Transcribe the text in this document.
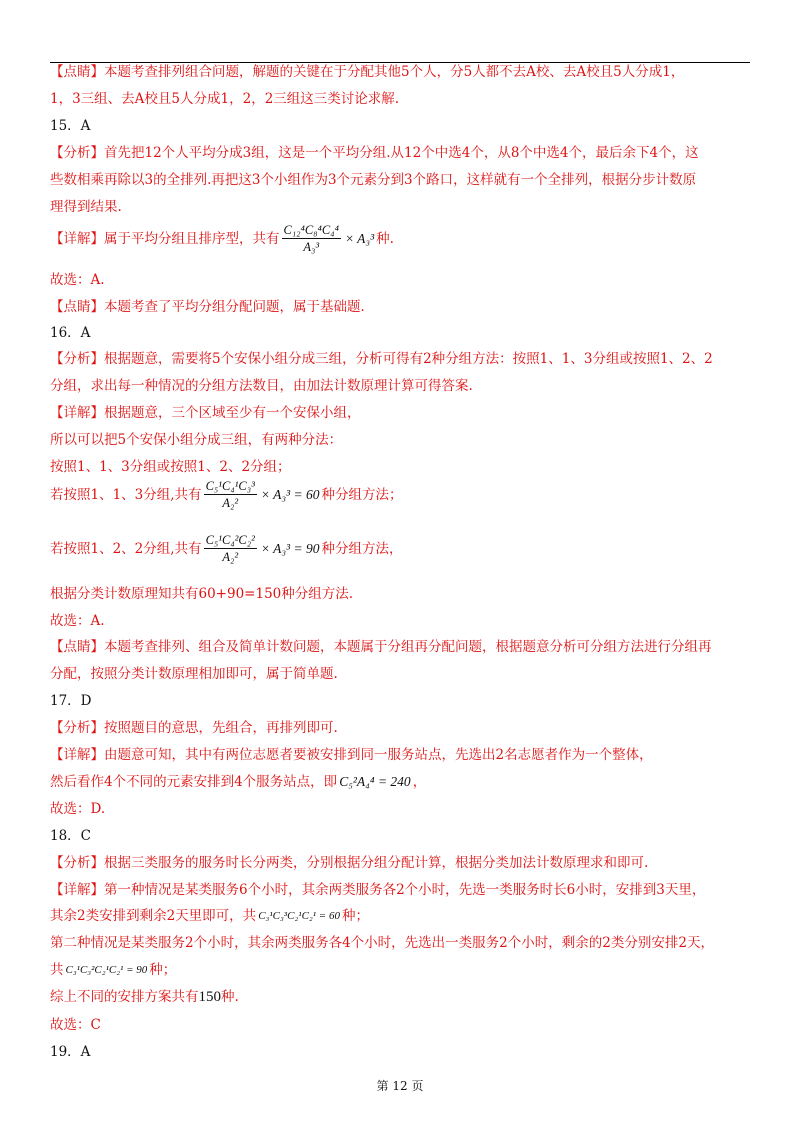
【点睛】本题考查排列组合问题，解题的关键在于分配其他5个人，分5人都不去A校、去A校且5人分成1，
1，3三组、去A校且5人分成1，2，2三组这三类讨论求解.
15．A
【分析】首先把12个人平均分成3组，这是一个平均分组.从12个中选4个，从8个中选4个，最后余下4个，这
些数相乘再除以3的全排列.再把这3个小组作为3个元素分到3个路口，这样就有一个全排列，根据分步计数原
理得到结果.
【详解】属于平均分组且排序型，共有 $\frac{\text{C₁₂⁴C₈⁴C₄⁴}}{\text{A₃³}} \times A_3^3$ 种.
故选：A.
【点睛】本题考查了平均分组分配问题，属于基础题.
16．A
【分析】根据题意，需要将5个安保小组分成三组，分析可得有2种分组方法：按照1、1、3分组或按照1、2、2
分组，求出每一种情况的分组方法数目，由加法计数原理计算可得答案.
【详解】根据题意，三个区域至少有一个安保小组，
所以可以把5个安保小组分成三组，有两种分法：
按照1、1、3分组或按照1、2、2分组；
若按照1、1、3分组,共有 $\frac{\text{C₅¹C₄¹C₃³}}{\text{A₂²}} \times A_3^3 = 60$ 种分组方法；
若按照1、2、2分组,共有 $\frac{\text{C₅¹C₄²C₂²}}{\text{A₂²}} \times A_3^3 = 90$ 种分组方法，
根据分类计数原理知共有60+90=150种分组方法.
故选：A.
【点睛】本题考查排列、组合及简单计数问题，本题属于分组再分配问题，根据题意分析可分组方法进行分组再
分配，按照分类计数原理相加即可，属于简单题.
17．D
【分析】按照题目的意思，先组合，再排列即可.
【详解】由题意可知，其中有两位志愿者要被安排到同一服务站点，先选出2名志愿者作为一个整体，
然后看作4个不同的元素安排到4个服务站点，即 C₅²A₄⁴ = 240 ，
故选：D.
18．C
【分析】根据三类服务的服务时长分两类，分别根据分组分配计算，根据分类加法计数原理求和即可.
【详解】第一种情况是某类服务6个小时，其余两类服务各2个小时，先选一类服务时长6小时，安排到3天里，
其余2类安排到剩余2天里即可，共 C₃¹C₃³C₂¹C₂¹ = 60 种；
第二种情况是某类服务2个小时，其余两类服务各4个小时，先选出一类服务2个小时，剩余的2类分别安排2天，
共 C₃¹C₃²C₂¹C₂¹ = 90 种；
综上不同的安排方案共有 150 种.
故选：C
19．A
第 12 页
